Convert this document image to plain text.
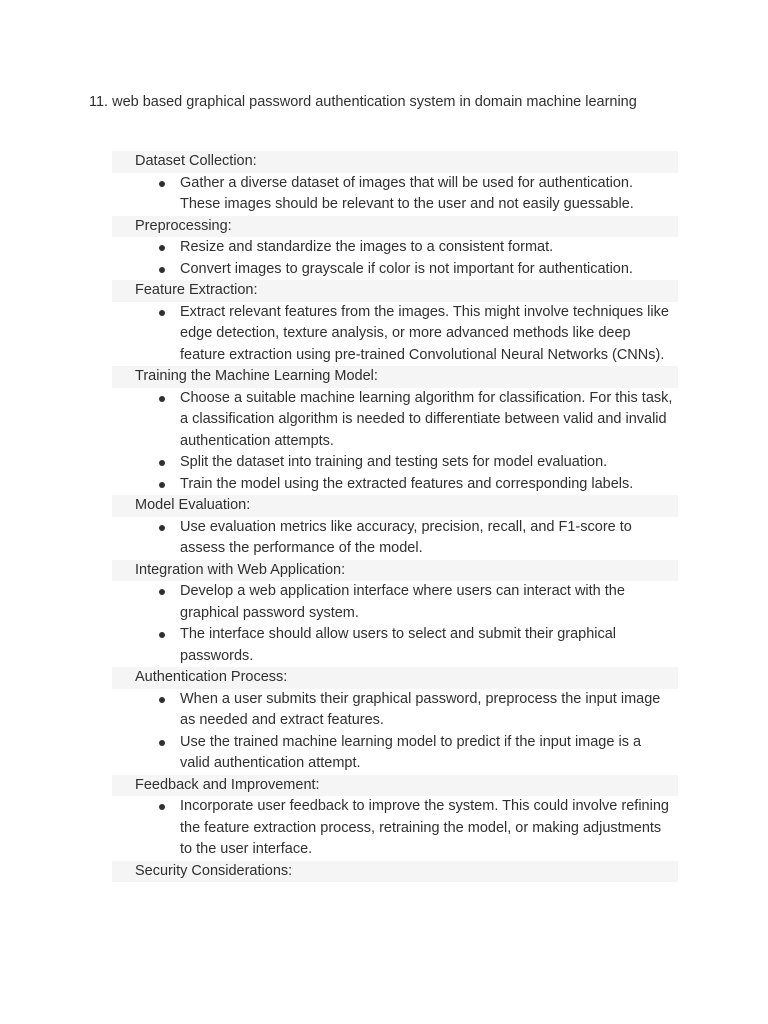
11. web based graphical password authentication system in domain machine learning
Dataset Collection:
Gather a diverse dataset of images that will be used for authentication. These images should be relevant to the user and not easily guessable.
Preprocessing:
Resize and standardize the images to a consistent format.
Convert images to grayscale if color is not important for authentication.
Feature Extraction:
Extract relevant features from the images. This might involve techniques like edge detection, texture analysis, or more advanced methods like deep feature extraction using pre-trained Convolutional Neural Networks (CNNs).
Training the Machine Learning Model:
Choose a suitable machine learning algorithm for classification. For this task, a classification algorithm is needed to differentiate between valid and invalid authentication attempts.
Split the dataset into training and testing sets for model evaluation.
Train the model using the extracted features and corresponding labels.
Model Evaluation:
Use evaluation metrics like accuracy, precision, recall, and F1-score to assess the performance of the model.
Integration with Web Application:
Develop a web application interface where users can interact with the graphical password system.
The interface should allow users to select and submit their graphical passwords.
Authentication Process:
When a user submits their graphical password, preprocess the input image as needed and extract features.
Use the trained machine learning model to predict if the input image is a valid authentication attempt.
Feedback and Improvement:
Incorporate user feedback to improve the system. This could involve refining the feature extraction process, retraining the model, or making adjustments to the user interface.
Security Considerations:
